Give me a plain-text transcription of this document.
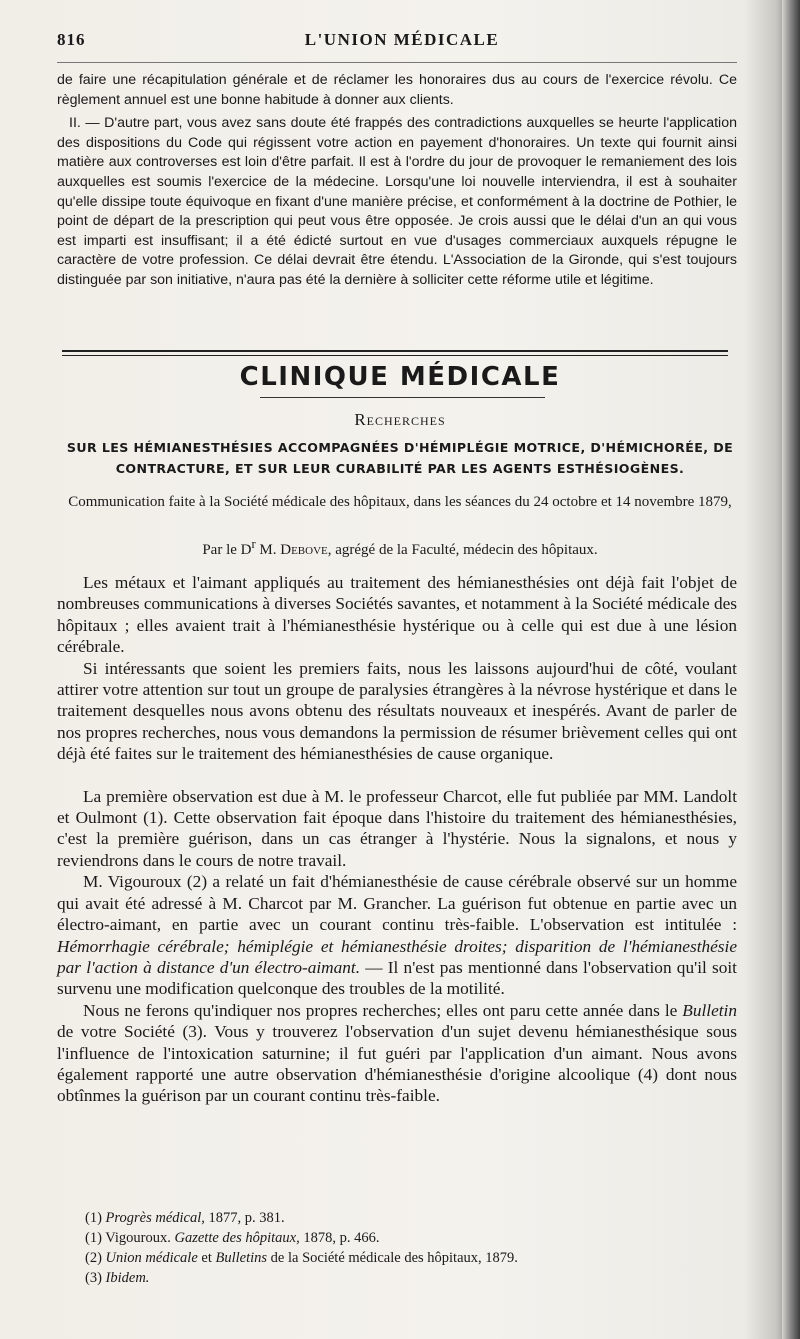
816	L'UNION MÉDICALE

de faire une récapitulation générale et de réclamer les honoraires dus au cours de l'exercice révolu. Ce règlement annuel est une bonne habitude à donner aux clients.

II. — D'autre part, vous avez sans doute été frappés des contradictions auxquelles se heurte l'application des dispositions du Code qui régissent votre action en payement d'honoraires. Un texte qui fournit ainsi matière aux controverses est loin d'être parfait. Il est à l'ordre du jour de provoquer le remaniement des lois auxquelles est soumis l'exercice de la médecine. Lorsqu'une loi nouvelle interviendra, il est à souhaiter qu'elle dissipe toute équivoque en fixant d'une manière précise, et conformément à la doctrine de Pothier, le point de départ de la prescription qui peut vous être opposée. Je crois aussi que le délai d'un an qui vous est imparti est insuffisant; il a été édicté surtout en vue d'usages commerciaux auxquels répugne le caractère de votre profession. Ce délai devrait être étendu. L'Association de la Gironde, qui s'est toujours distinguée par son initiative, n'aura pas été la dernière à solliciter cette réforme utile et légitime.

CLINIQUE MÉDICALE
Recherches
SUR LES HÉMIANESTHÉSIES ACCOMPAGNÉES D'HÉMIPLÉGIE MOTRICE, D'HÉMICHORÉE, DE
CONTRACTURE, ET SUR LEUR CURABILITÉ PAR LES AGENTS ESTHÉSIOGÈNES.
Communication faite à la Société médicale des hôpitaux, dans les séances du 24 octobre et 14 novembre 1879,
Par le $D^r$ M. Debove, agrégé de la Faculté, médecin des hôpitaux.

Les métaux et l'aimant appliqués au traitement des hémianesthésies ont déjà fait l'objet de nombreuses communications à diverses Sociétés savantes, et notamment à la Société médicale des hôpitaux ; elles avaient trait à l'hémianesthésie hystérique ou à celle qui est due à une lésion cérébrale.

Si intéressants que soient les premiers faits, nous les laissons aujourd'hui de côté, voulant attirer votre attention sur tout un groupe de paralysies étrangères à la névrose hystérique et dans le traitement desquelles nous avons obtenu des résultats nouveaux et inespérés. Avant de parler de nos propres recherches, nous vous demandons la permission de résumer brièvement celles qui ont déjà été faites sur le traitement des hémianesthésies de cause organique.

La première observation est due à M. le professeur Charcot, elle fut publiée par MM. Landolt et Oulmont (1). Cette observation fait époque dans l'histoire du traitement des hémianesthésies, c'est la première guérison, dans un cas étranger à l'hystérie. Nous la signalons, et nous y reviendrons dans le cours de notre travail.

M. Vigouroux (2) a relaté un fait d'hémianesthésie de cause cérébrale observé sur un homme qui avait été adressé à M. Charcot par M. Grancher. La guérison fut obtenue en partie avec un électro-aimant, en partie avec un courant continu très-faible. L'observation est intitulée : Hémorrhagie cérébrale; hémiplégie et hémianesthésie droites; disparition de l'hémianesthésie par l'action à distance d'un électro-aimant. — Il n'est pas mentionné dans l'observation qu'il soit survenu une modification quelconque des troubles de la motilité.

Nous ne ferons qu'indiquer nos propres recherches; elles ont paru cette année dans le Bulletin de votre Société (3). Vous y trouverez l'observation d'un sujet devenu hémianesthésique sous l'influence de l'intoxication saturnine; il fut guéri par l'application d'un aimant. Nous avons également rapporté une autre observation d'hémianesthésie d'origine alcoolique (4) dont nous obtînmes la guérison par un courant continu très-faible.

(1) Progrès médical, 1877, p. 381.
(1) Vigouroux. Gazette des hôpitaux, 1878, p. 466.
(2) Union médicale et Bulletins de la Société médicale des hôpitaux, 1879.
(3) Ibidem.
